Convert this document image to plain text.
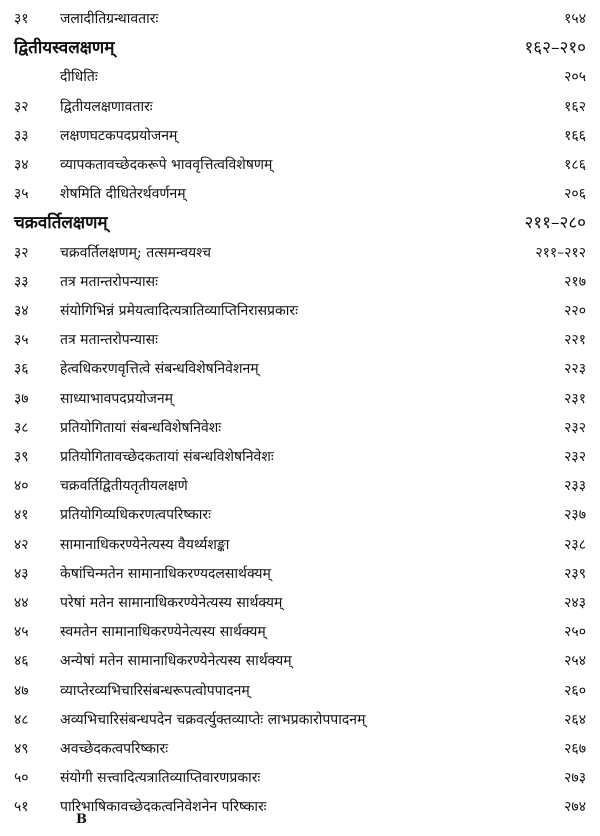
३१	जलादीतिग्रन्थावतारः	१५४
द्वितीयस्वलक्षणम्	१६२–२१०
दीधितिः	२०५
३२	द्वितीयलक्षणावतारः	१६२
३३	लक्षणघटकपदप्रयोजनम्	१६६
३४	व्यापकतावच्छेदकरूपे भाववृत्तित्वविशेषणम्	१८६
३५	शेषमिति दीधितेरर्थवर्णनम्	२०६
चक्रवर्तिलक्षणम्	२११–२८०
३२	चक्रवर्तिलक्षणम्; तत्समन्वयश्च	२११–२१२
३३	तत्र मतान्तरोपन्यासः	२१७
३४	संयोगिभिन्नं प्रमेयत्वादित्यत्रातिव्याप्तिनिरासप्रकारः	२२०
३५	तत्र मतान्तरोपन्यासः	२२१
३६	हेत्वधिकरणवृत्तित्वे संबन्धविशेषनिवेशनम्	२२३
३७	साध्याभावपदप्रयोजनम्	२३१
३८	प्रतियोगितायां संबन्धविशेषनिवेशः	२३२
३९	प्रतियोगितावच्छेदकतायां संबन्धविशेषनिवेशः	२३२
४०	चक्रवर्तिद्वितीयतृतीयलक्षणे	२३३
४१	प्रतियोगिव्यधिकरणत्वपरिष्कारः	२३७
४२	सामानाधिकरण्येनेत्यस्य वैयर्थ्यशङ्का	२३८
४३	केषांचिन्मतेन सामानाधिकरण्यदलसार्थक्यम्	२३९
४४	परेषां मतेन सामानाधिकरण्येनेत्यस्य सार्थक्यम्	२४३
४५	स्वमतेन सामानाधिकरण्येनेत्यस्य सार्थक्यम्	२५०
४६	अन्येषां मतेन सामानाधिकरण्येनेत्यस्य सार्थक्यम्	२५४
४७	व्याप्तेरव्यभिचारिसंबन्धरूपत्वोपपादनम्	२६०
४८	अव्यभिचारिसंबन्धपदेन चक्रवर्त्युक्तव्याप्तेः लाभप्रकारोपपादनम्	२६४
४९	अवच्छेदकत्वपरिष्कारः	२६७
५०	संयोगी सत्त्वादित्यत्रातिव्याप्तिवारणप्रकारः	२७३
५१	पारिभाषिकावच्छेदकत्वनिवेशनेन परिष्कारः	२७४
B
